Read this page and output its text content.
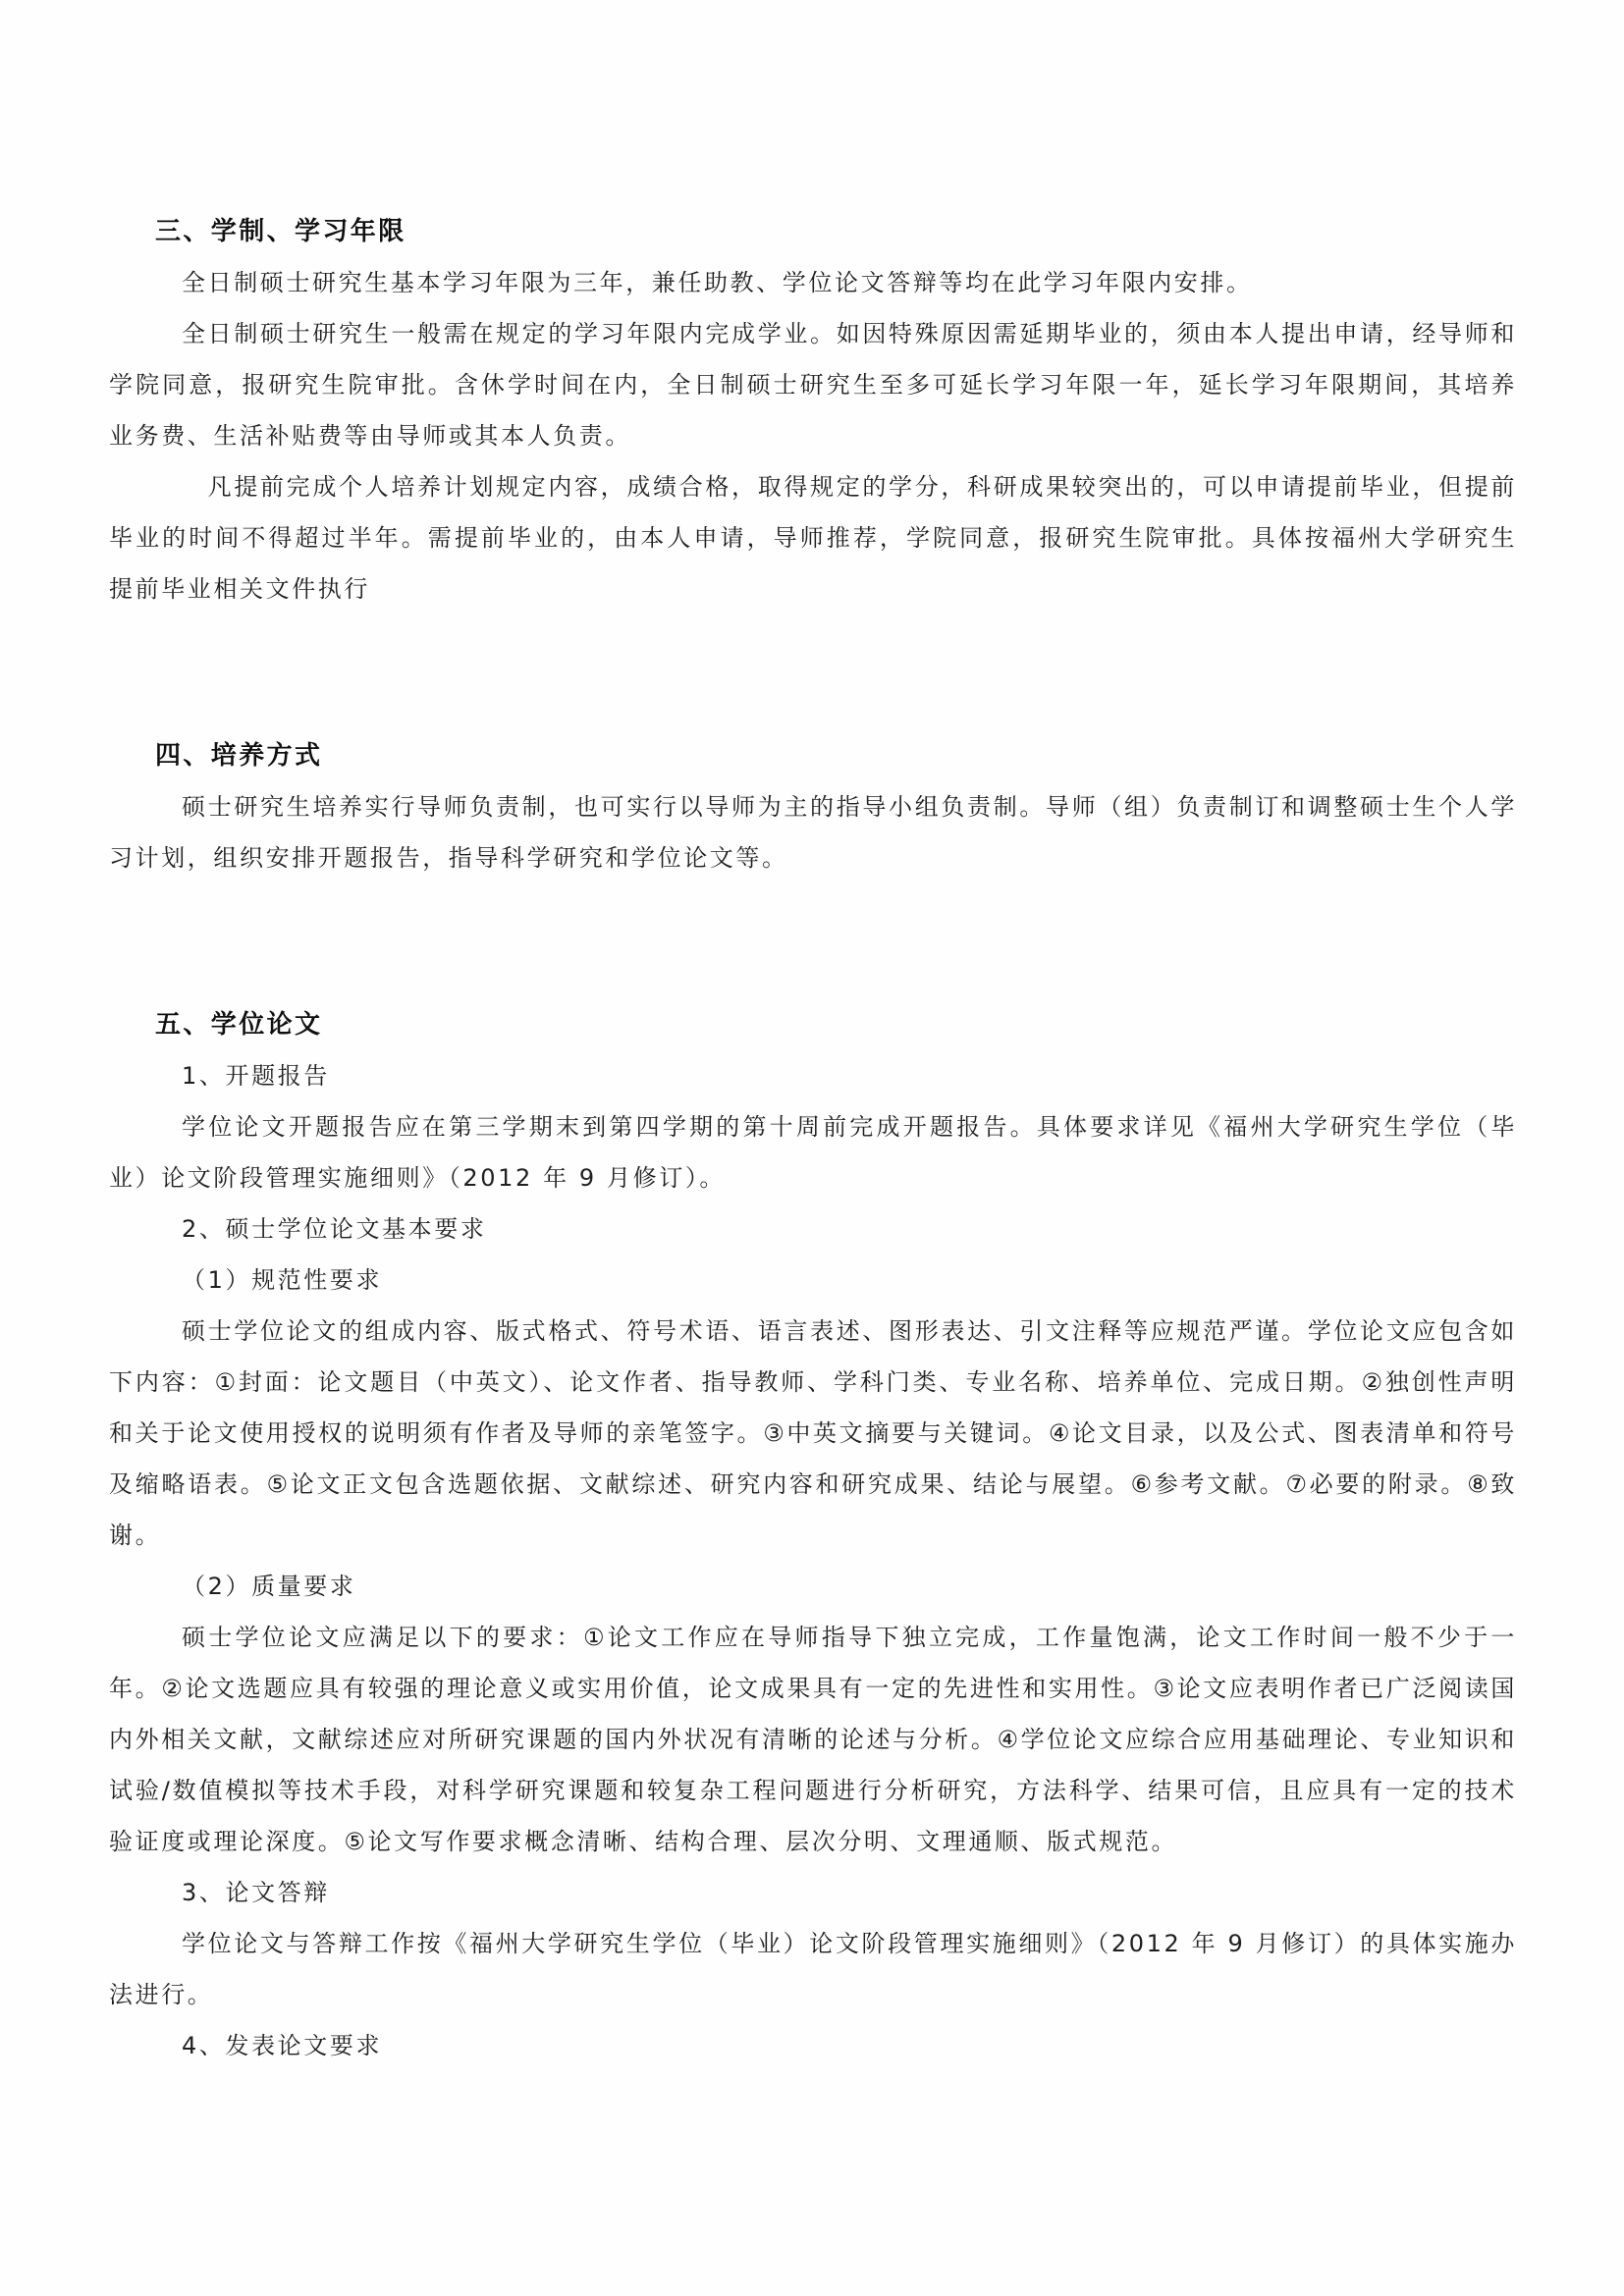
三、学制、学习年限

全日制硕士研究生基本学习年限为三年，兼任助教、学位论文答辩等均在此学习年限内安排。

全日制硕士研究生一般需在规定的学习年限内完成学业。如因特殊原因需延期毕业的，须由本人提出申请，经导师和学院同意，报研究生院审批。含休学时间在内，全日制硕士研究生至多可延长学习年限一年，延长学习年限期间，其培养业务费、生活补贴费等由导师或其本人负责。

　凡提前完成个人培养计划规定内容，成绩合格，取得规定的学分，科研成果较突出的，可以申请提前毕业，但提前毕业的时间不得超过半年。需提前毕业的，由本人申请，导师推荐，学院同意，报研究生院审批。具体按福州大学研究生提前毕业相关文件执行

四、培养方式

硕士研究生培养实行导师负责制，也可实行以导师为主的指导小组负责制。导师（组）负责制订和调整硕士生个人学习计划，组织安排开题报告，指导科学研究和学位论文等。

五、学位论文

1、开题报告

学位论文开题报告应在第三学期末到第四学期的第十周前完成开题报告。具体要求详见《福州大学研究生学位（毕业）论文阶段管理实施细则》（2012 年 9 月修订）。

2、硕士学位论文基本要求

（1）规范性要求

硕士学位论文的组成内容、版式格式、符号术语、语言表述、图形表达、引文注释等应规范严谨。学位论文应包含如下内容：①封面：论文题目（中英文）、论文作者、指导教师、学科门类、专业名称、培养单位、完成日期。②独创性声明和关于论文使用授权的说明须有作者及导师的亲笔签字。③中英文摘要与关键词。④论文目录，以及公式、图表清单和符号及缩略语表。⑤论文正文包含选题依据、文献综述、研究内容和研究成果、结论与展望。⑥参考文献。⑦必要的附录。⑧致谢。

（2）质量要求

硕士学位论文应满足以下的要求：①论文工作应在导师指导下独立完成，工作量饱满，论文工作时间一般不少于一年。②论文选题应具有较强的理论意义或实用价值，论文成果具有一定的先进性和实用性。③论文应表明作者已广泛阅读国内外相关文献，文献综述应对所研究课题的国内外状况有清晰的论述与分析。④学位论文应综合应用基础理论、专业知识和试验/数值模拟等技术手段，对科学研究课题和较复杂工程问题进行分析研究，方法科学、结果可信，且应具有一定的技术验证度或理论深度。⑤论文写作要求概念清晰、结构合理、层次分明、文理通顺、版式规范。

3、论文答辩

学位论文与答辩工作按《福州大学研究生学位（毕业）论文阶段管理实施细则》（2012 年 9 月修订）的具体实施办法进行。

4、发表论文要求
